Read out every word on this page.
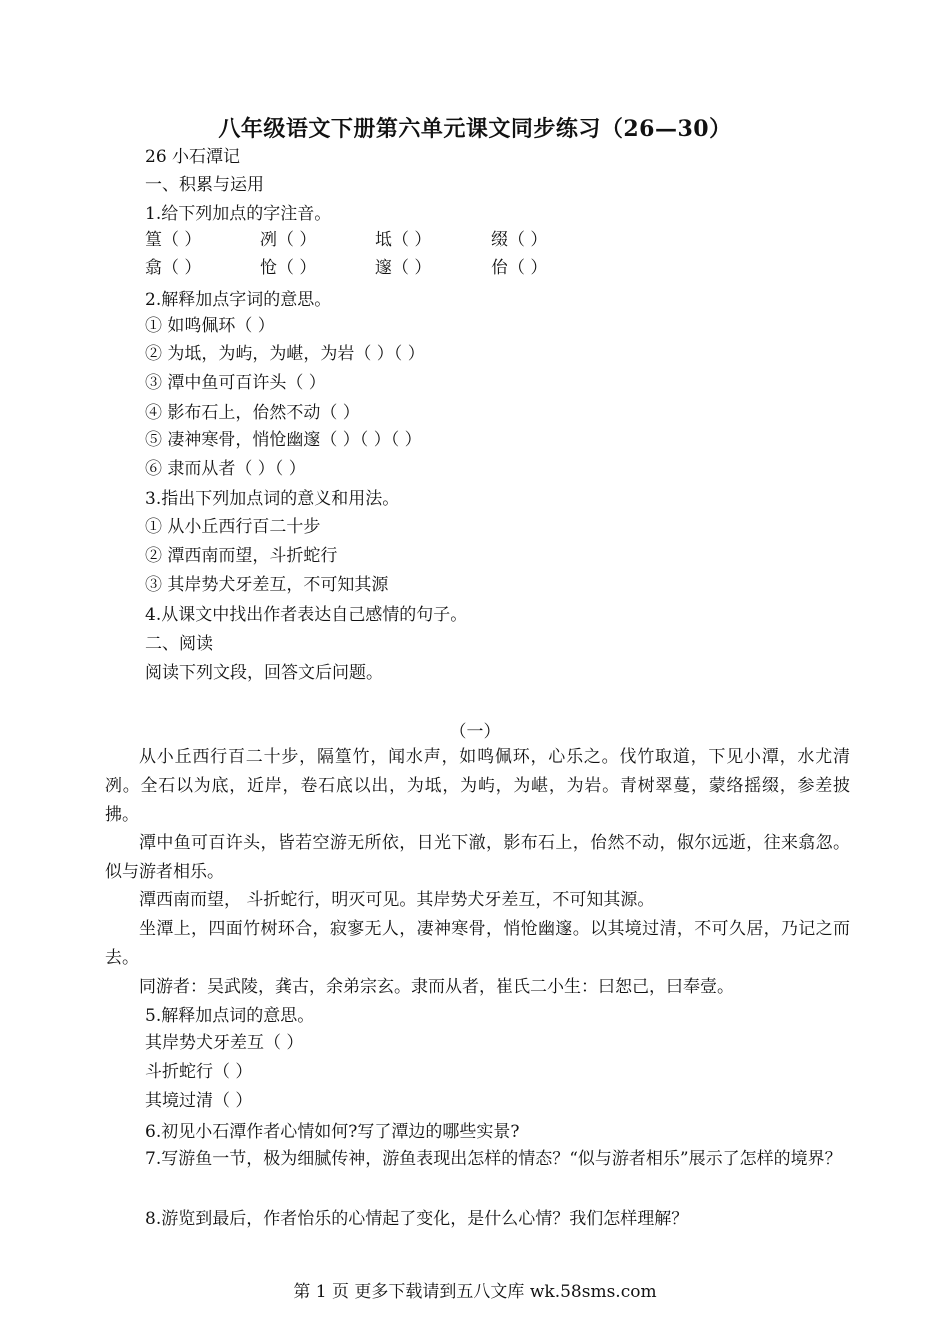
八年级语文下册第六单元课文同步练习（26—30）
26 小石潭记
一、积累与运用
1.给下列加点的字注音。
篁（ ）	冽（ ）	坻（ ）	缀（ ）
翕（ ）	怆（ ）	邃（ ）	佁（ ）
2.解释加点字词的意思。
① 如鸣佩环（ ）
② 为坻，为屿，为嵁，为岩（ ）（ ）
③ 潭中鱼可百许头（ ）
④ 影布石上，佁然不动（ ）
⑤ 凄神寒骨，悄怆幽邃（ ）（ ）（ ）
⑥ 隶而从者（ ）（ ）
3.指出下列加点词的意义和用法。
① 从小丘西行百二十步
② 潭西南而望，斗折蛇行
③ 其岸势犬牙差互，不可知其源
4.从课文中找出作者表达自己感情的句子。
二、阅读
阅读下列文段，回答文后问题。
（一）
从小丘西行百二十步，隔篁竹，闻水声，如鸣佩环，心乐之。伐竹取道，下见小潭，水尤清冽。全石以为底，近岸，卷石底以出，为坻，为屿，为嵁，为岩。青树翠蔓，蒙络摇缀，参差披拂。
潭中鱼可百许头，皆若空游无所依，日光下澈，影布石上，佁然不动，俶尔远逝，往来翕忽。似与游者相乐。
潭西南而望， 斗折蛇行，明灭可见。其岸势犬牙差互，不可知其源。
坐潭上，四面竹树环合，寂寥无人，凄神寒骨，悄怆幽邃。以其境过清，不可久居，乃记之而去。
同游者：吴武陵，龚古，余弟宗玄。隶而从者，崔氏二小生：曰恕己，曰奉壹。
5.解释加点词的意思。
其岸势犬牙差互（ ）
斗折蛇行（ ）
其境过清（ ）
6.初见小石潭作者心情如何?写了潭边的哪些实景?
7.写游鱼一节，极为细腻传神，游鱼表现出怎样的情态？“似与游者相乐”展示了怎样的境界？
8.游览到最后，作者怡乐的心情起了变化，是什么心情？我们怎样理解？
第 1 页 更多下载请到五八文库 wk.58sms.com
